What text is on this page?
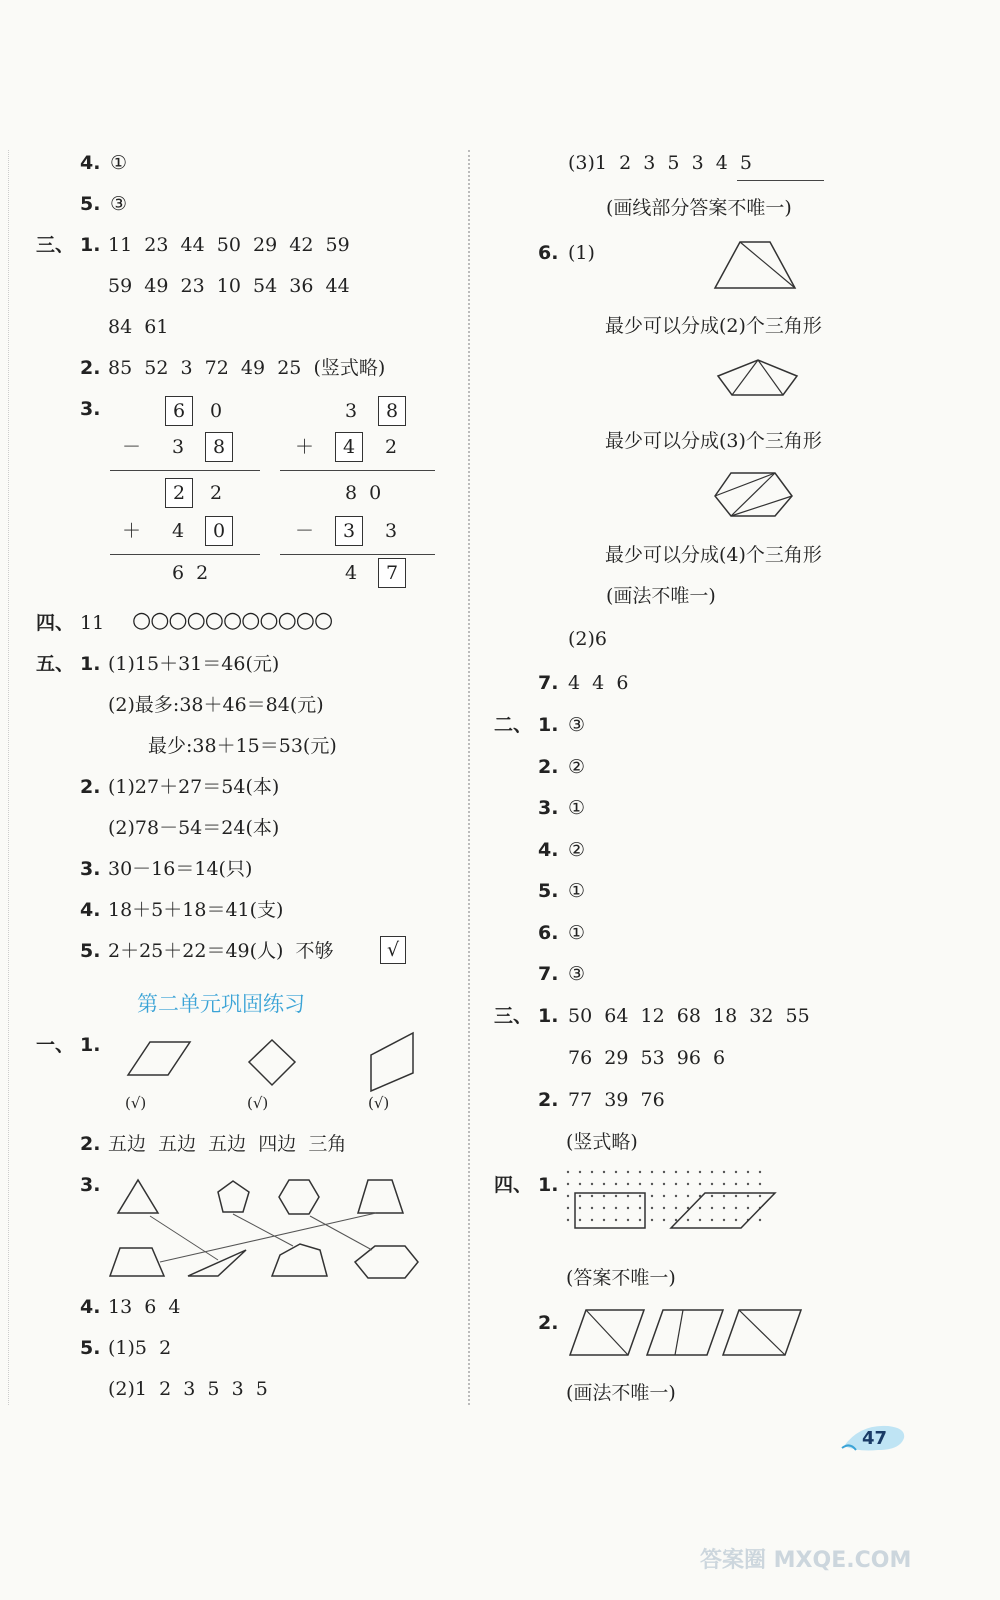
4. ①
5. ③
三、 1. 11  23  44  50  29  42  59
59  49  23  10  54  36  44
84  61
2. 85  52  3  72  49  25  (竖式略)
3.	6	0
－ 3	8
2	2
＋ 4	0
6  2
3	8
＋	4	2
8  0
－	3	3
4	7
四、 11 ○○○○○○○○○○○
五、 1. (1)15＋31＝46(元)
(2)最多:38＋46＝84(元)
最少:38＋15＝53(元)
2. (1)27＋27＝54(本)
(2)78－54＝24(本)
3. 30－16＝14(只)
4. 18＋5＋18＝41(支)
5. 2＋25＋22＝49(人)  不够	√
第二单元巩固练习
一、 1.
(√)	(√)	(√)
2. 五边  五边  五边  四边  三角
3.
4. 13  6  4
5. (1)5  2
(2)1  2  3  5  3  5
(3)1  2  3  5  3  4  5
(画线部分答案不唯一)
6. (1)
最少可以分成(2)个三角形
最少可以分成(3)个三角形
最少可以分成(4)个三角形
(画法不唯一)
(2)6
7. 4  4  6
二、 1. ③
2. ②
3. ①
4. ②
5. ①
6. ①
7. ③
三、 1. 50  64  12  68  18  32  55
76  29  53  96  6
2. 77  39  76
(竖式略)
四、 1.
(答案不唯一)
2.
(画法不唯一)
47
答案圈 MXQE.COM
